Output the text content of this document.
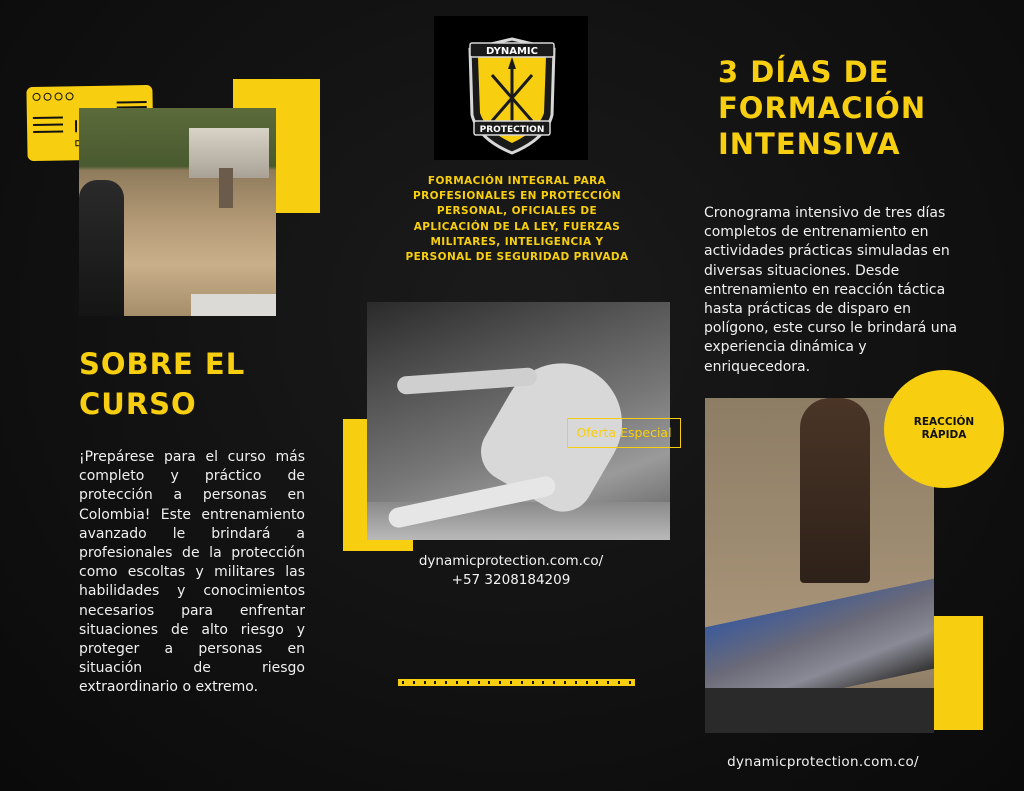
SOBRE EL CURSO
¡Prepárese para el curso más completo y práctico de protección a personas en Colombia! Este entrenamiento avanzado le brindará a profesionales de la protección como escoltas y militares las habilidades y conocimientos necesarios para enfrentar situaciones de alto riesgo y proteger a personas en situación de riesgo extraordinario o extremo.
DYNAMIC
PROTECTION
FORMACIÓN INTEGRAL PARA PROFESIONALES EN PROTECCIÓN PERSONAL, OFICIALES DE APLICACIÓN DE LA LEY, FUERZAS MILITARES, INTELIGENCIA Y PERSONAL DE SEGURIDAD PRIVADA
Oferta Especial
dynamicprotection.com.co/
+57 3208184209
3 DÍAS DE FORMACIÓN INTENSIVA
Cronograma intensivo de tres días completos de entrenamiento en actividades prácticas simuladas en diversas situaciones. Desde entrenamiento en reacción táctica hasta prácticas de disparo en polígono, este curso le brindará una experiencia dinámica y enriquecedora.
REACCIÓN RÁPIDA
dynamicprotection.com.co/
